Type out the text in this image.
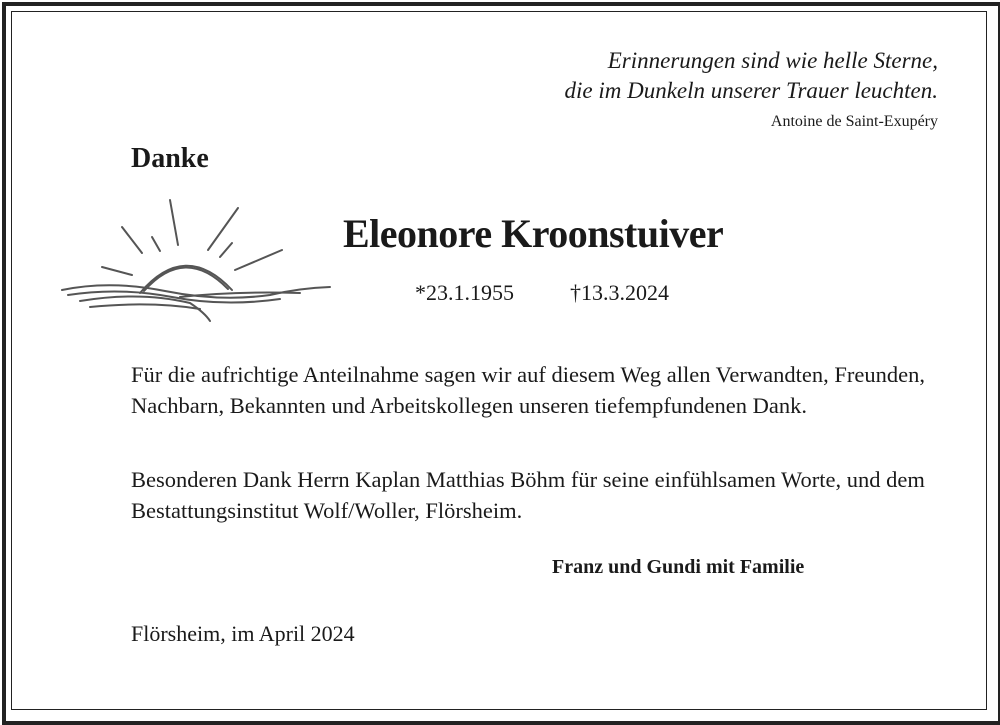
Erinnerungen sind wie helle Sterne,
die im Dunkeln unserer Trauer leuchten.
Antoine de Saint-Exupéry
Danke
Eleonore Kroonstuiver
*23.1.1955	†13.3.2024
Für die aufrichtige Anteilnahme sagen wir auf diesem Weg allen Verwandten, Freunden, Nachbarn, Bekannten und Arbeitskollegen unseren tiefempfundenen Dank.
Besonderen Dank Herrn Kaplan Matthias Böhm für seine einfühlsamen Worte, und dem Bestattungsinstitut Wolf/Woller, Flörsheim.
Franz und Gundi mit Familie
Flörsheim, im April 2024
